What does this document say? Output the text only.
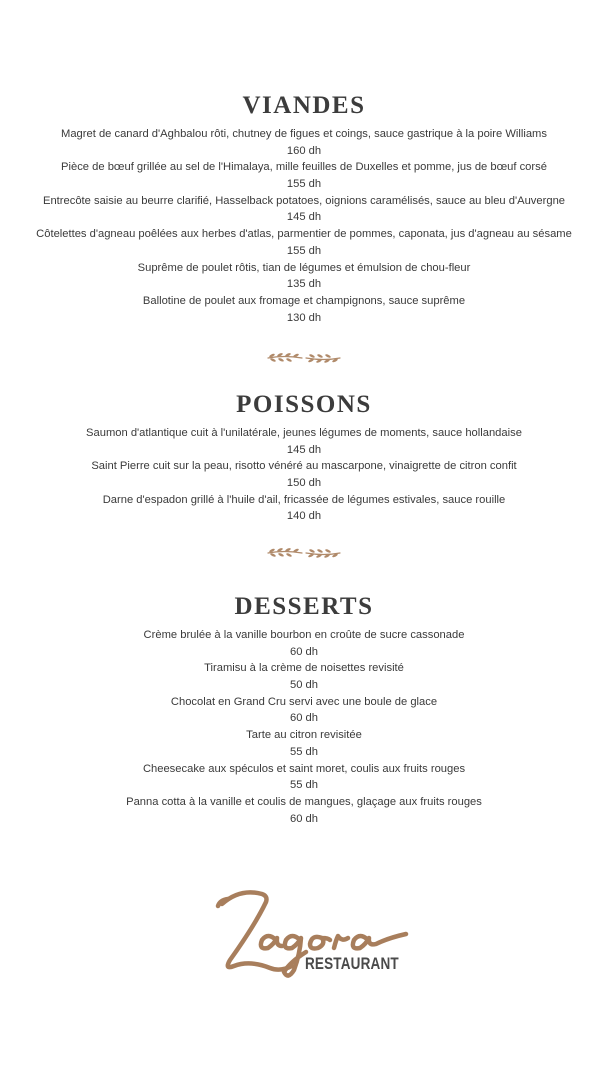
VIANDES
Magret de canard d'Aghbalou rôti, chutney de figues et coings, sauce gastrique à la poire Williams
160 dh
Pièce de bœuf grillée au sel de l'Himalaya, mille feuilles de Duxelles et pomme, jus de bœuf corsé
155 dh
Entrecôte saisie au beurre clarifié, Hasselback potatoes, oignions caramélisés, sauce au bleu d'Auvergne
145 dh
Côtelettes d'agneau poêlées aux herbes d'atlas, parmentier de pommes, caponata, jus d'agneau au sésame
155 dh
Suprême de poulet rôtis, tian de légumes et émulsion de chou-fleur
135 dh
Ballotine de poulet aux fromage et champignons, sauce suprême
130 dh
POISSONS
Saumon d'atlantique cuit à l'unilatérale, jeunes légumes de moments, sauce hollandaise
145 dh
Saint Pierre cuit sur la peau, risotto vénéré au mascarpone, vinaigrette de citron confit
150 dh
Darne d'espadon grillé à l'huile d'ail, fricassée de légumes estivales, sauce rouille
140 dh
DESSERTS
Crème brulée à la vanille bourbon en croûte de sucre cassonade
60 dh
Tiramisu à la crème de noisettes revisité
50 dh
Chocolat en Grand Cru servi avec une boule de glace
60 dh
Tarte au citron revisitée
55 dh
Cheesecake aux spéculos et saint moret, coulis aux fruits rouges
55 dh
Panna cotta à la vanille et coulis de mangues, glaçage aux fruits rouges
60 dh
RESTAURANT
